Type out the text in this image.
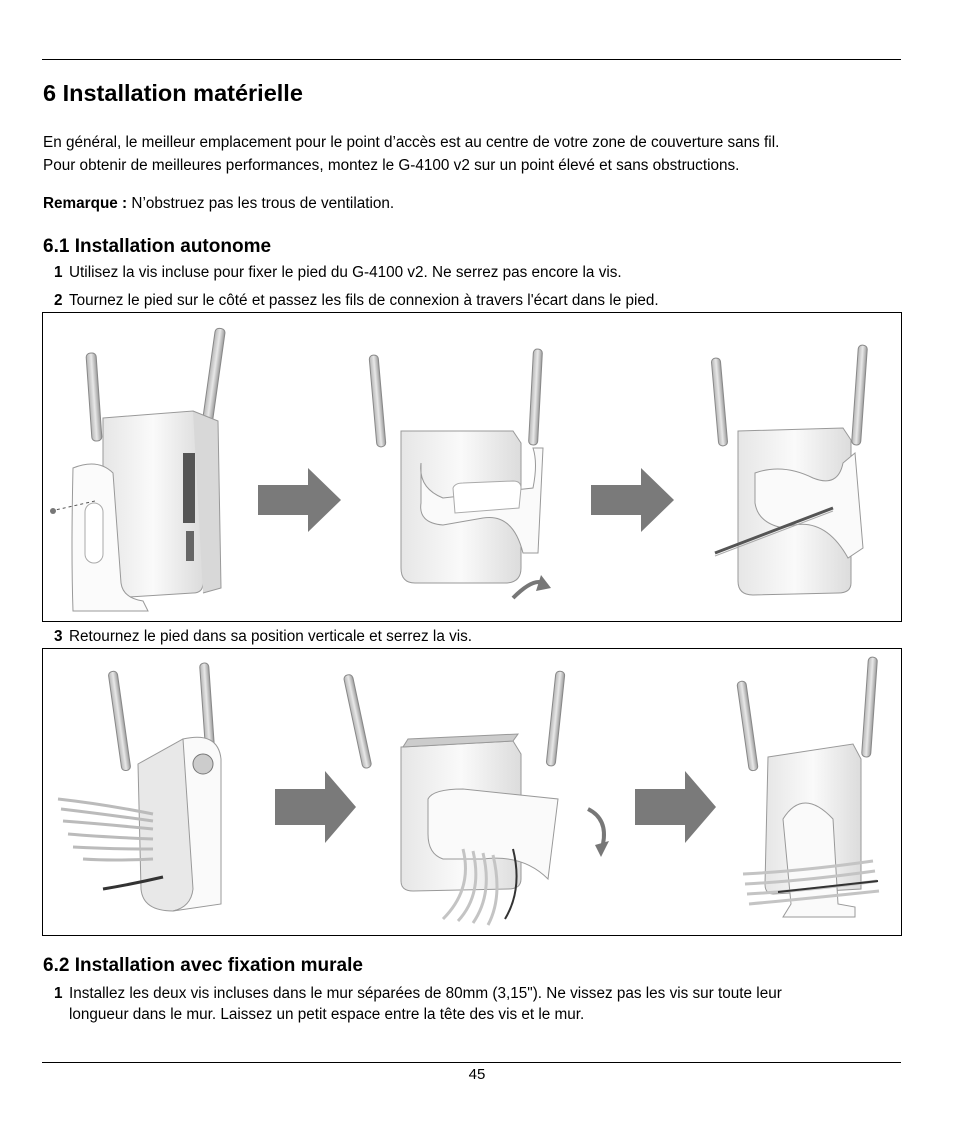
6 Installation matérielle

En général, le meilleur emplacement pour le point d’accès est au centre de votre zone de couverture sans fil.

Pour obtenir de meilleures performances, montez le G-4100 v2 sur un point élevé et sans obstructions.

Remarque : N’obstruez pas les trous de ventilation.

6.1 Installation autonome
1 Utilisez la vis incluse pour fixer le pied du G-4100 v2. Ne serrez pas encore la vis.
2 Tournez le pied sur le côté et passez les fils de connexion à travers l'écart dans le pied.
3 Retournez le pied dans sa position verticale et serrez la vis.
6.2 Installation avec fixation murale
1 Installez les deux vis incluses dans le mur séparées de 80mm (3,15"). Ne vissez pas les vis sur toute leur
longueur dans le mur. Laissez un petit espace entre la tête des vis et le mur.
45
